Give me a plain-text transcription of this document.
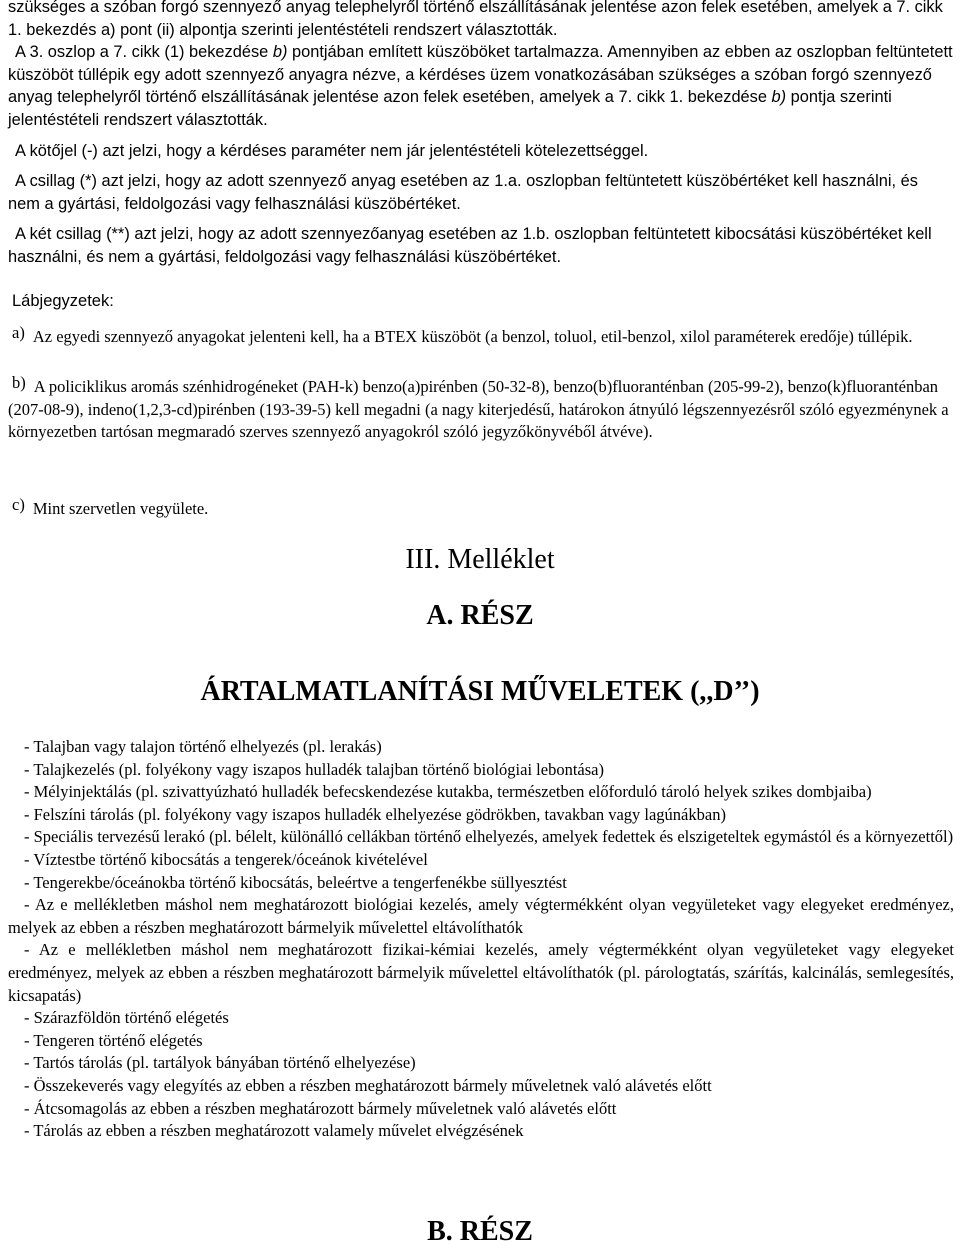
szükséges a szóban forgó szennyező anyag telephelyről történő elszállításának jelentése azon felek esetében, amelyek a 7. cikk 1. bekezdés a) pont (ii) alpontja szerinti jelentéstételi rendszert választották.

A 3. oszlop a 7. cikk (1) bekezdése b) pontjában említett küszöböket tartalmazza. Amennyiben az ebben az oszlopban feltüntetett küszöböt túllépik egy adott szennyező anyagra nézve, a kérdéses üzem vonatkozásában szükséges a szóban forgó szennyező anyag telephelyről történő elszállításának jelentése azon felek esetében, amelyek a 7. cikk 1. bekezdése b) pontja szerinti jelentéstételi rendszert választották.

A kötőjel (-) azt jelzi, hogy a kérdéses paraméter nem jár jelentéstételi kötelezettséggel.

A csillag (*) azt jelzi, hogy az adott szennyező anyag esetében az 1.a. oszlopban feltüntetett küszöbértéket kell használni, és nem a gyártási, feldolgozási vagy felhasználási küszöbértéket.

A két csillag (**) azt jelzi, hogy az adott szennyezőanyag esetében az 1.b. oszlopban feltüntetett kibocsátási küszöbértéket kell használni, és nem a gyártási, feldolgozási vagy felhasználási küszöbértéket.

Lábjegyzetek:

a) Az egyedi szennyező anyagokat jelenteni kell, ha a BTEX küszöböt (a benzol, toluol, etil-benzol, xilol paraméterek eredője) túllépik.

b) A policiklikus aromás szénhidrogéneket (PAH-k) benzo(a)pirénben (50-32-8), benzo(b)fluoranténban (205-99-2), benzo(k)fluoranténban (207-08-9), indeno(1,2,3-cd)pirénben (193-39-5) kell megadni (a nagy kiterjedésű, határokon átnyúló légszennyezésről szóló egyezménynek a környezetben tartósan megmaradó szerves szennyező anyagokról szóló jegyzőkönyvéből átvéve).

c) Mint szervetlen vegyülete.

III. Melléklet
A. RÉSZ
ÁRTALMATLANÍTÁSI MŰVELETEK (,,D’’)

- Talajban vagy talajon történő elhelyezés (pl. lerakás)

- Talajkezelés (pl. folyékony vagy iszapos hulladék talajban történő biológiai lebontása)

- Mélyinjektálás (pl. szivattyúzható hulladék befecskendezése kutakba, természetben előforduló tároló helyek szikes dombjaiba)

- Felszíni tárolás (pl. folyékony vagy iszapos hulladék elhelyezése gödrökben, tavakban vagy lagúnákban)

- Speciális tervezésű lerakó (pl. bélelt, különálló cellákban történő elhelyezés, amelyek fedettek és elszigeteltek egymástól és a környezettől)

- Víztestbe történő kibocsátás a tengerek/óceánok kivételével

- Tengerekbe/óceánokba történő kibocsátás, beleértve a tengerfenékbe süllyesztést

- Az e mellékletben máshol nem meghatározott biológiai kezelés, amely végtermékként olyan vegyületeket vagy elegyeket eredményez, melyek az ebben a részben meghatározott bármelyik művelettel eltávolíthatók

- Az e mellékletben máshol nem meghatározott fizikai-kémiai kezelés, amely végtermékként olyan vegyületeket vagy elegyeket eredményez, melyek az ebben a részben meghatározott bármelyik művelettel eltávolíthatók (pl. párologtatás, szárítás, kalcinálás, semlegesítés, kicsapatás)

- Szárazföldön történő elégetés

- Tengeren történő elégetés

- Tartós tárolás (pl. tartályok bányában történő elhelyezése)

- Összekeverés vagy elegyítés az ebben a részben meghatározott bármely műveletnek való alávetés előtt

- Átcsomagolás az ebben a részben meghatározott bármely műveletnek való alávetés előtt

- Tárolás az ebben a részben meghatározott valamely művelet elvégzésének

B. RÉSZ
